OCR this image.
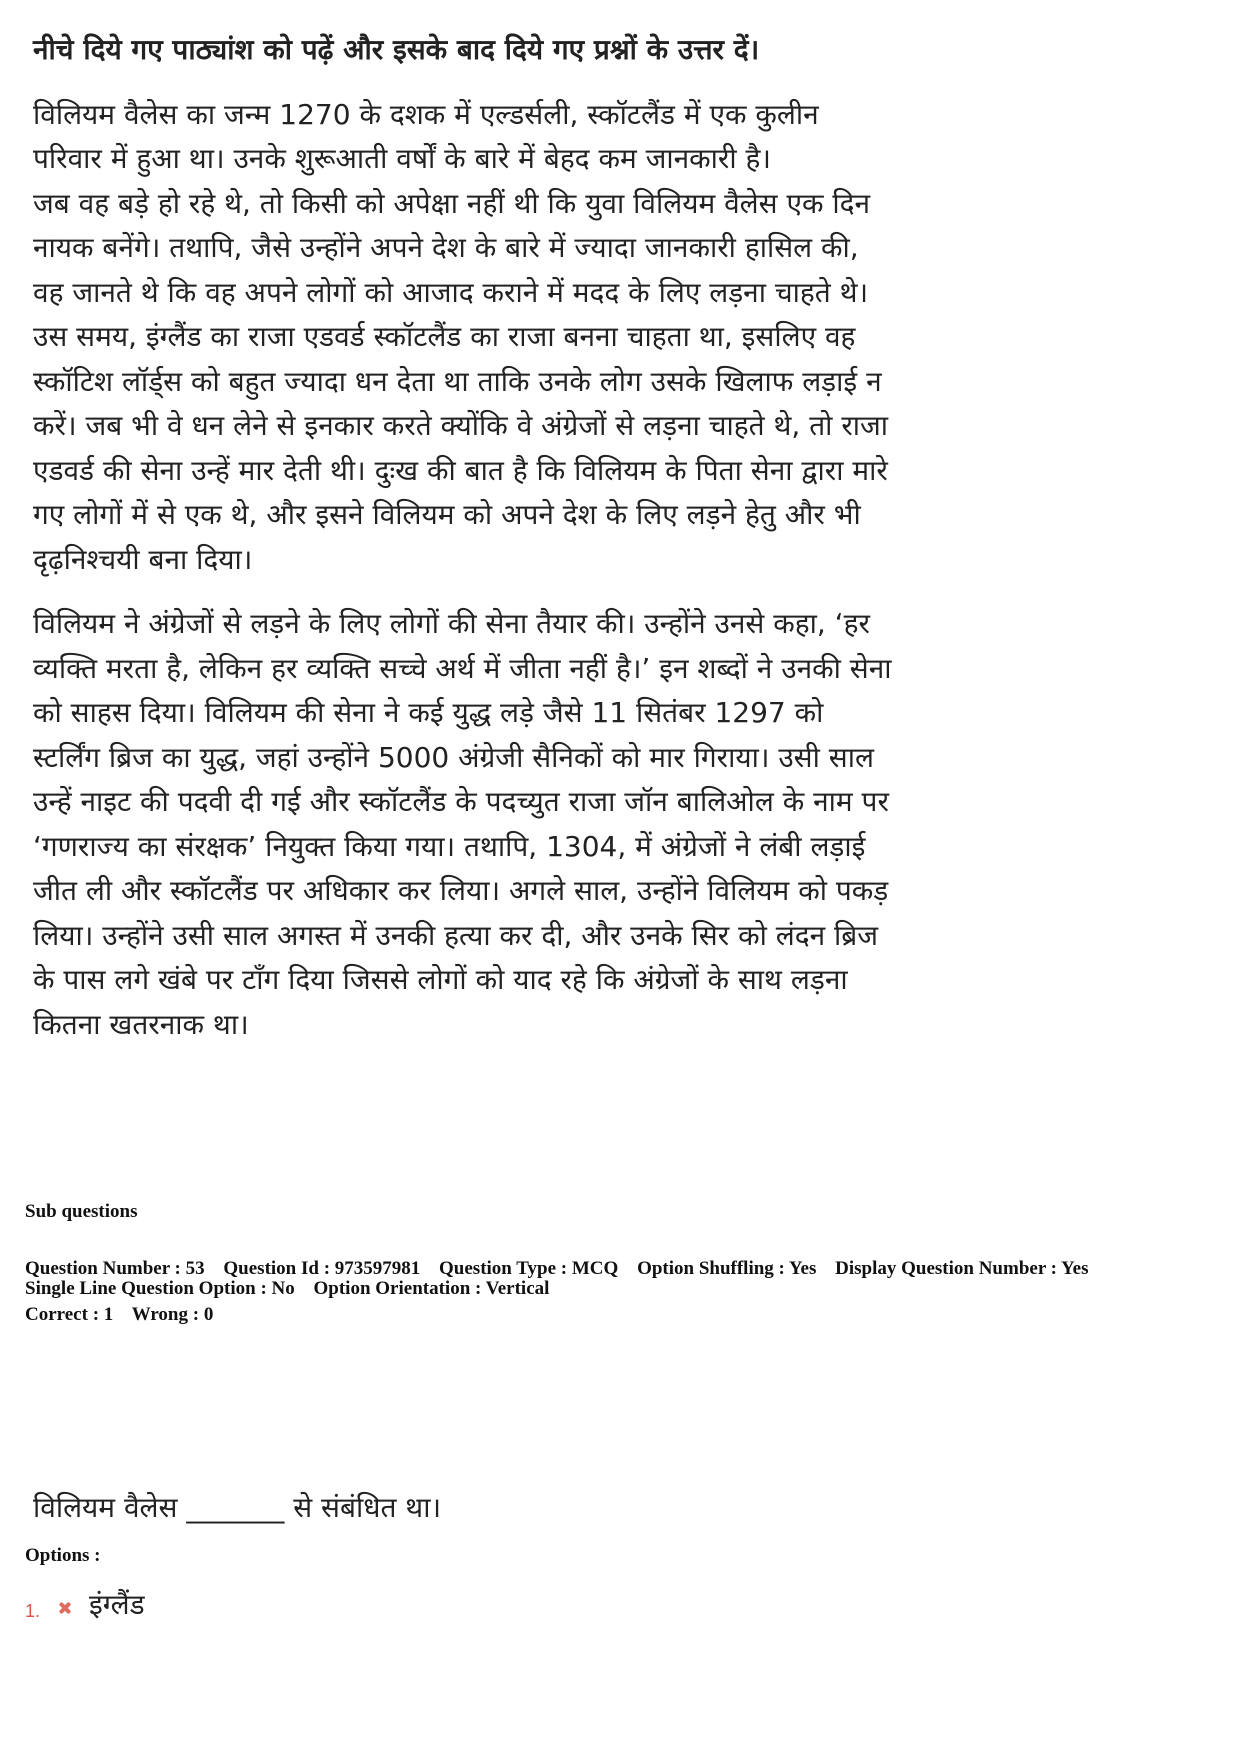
नीचे दिये गए पाठ्यांश को पढ़ें और इसके बाद दिये गए प्रश्नों के उत्तर दें।

विलियम वैलेस का जन्म 1270 के दशक में एल्डर्सली, स्कॉटलैंड में एक कुलीन परिवार में हुआ था। उनके शुरूआती वर्षों के बारे में बेहद कम जानकारी है।

जब वह बड़े हो रहे थे, तो किसी को अपेक्षा नहीं थी कि युवा विलियम वैलेस एक दिन नायक बनेंगे। तथापि, जैसे उन्होंने अपने देश के बारे में ज्यादा जानकारी हासिल की, वह जानते थे कि वह अपने लोगों को आजाद कराने में मदद के लिए लड़ना चाहते थे। उस समय, इंग्लैंड का राजा एडवर्ड स्कॉटलैंड का राजा बनना चाहता था, इसलिए वह स्कॉटिश लॉर्ड्स को बहुत ज्यादा धन देता था ताकि उनके लोग उसके खिलाफ लड़ाई न करें। जब भी वे धन लेने से इनकार करते क्योंकि वे अंग्रेजों से लड़ना चाहते थे, तो राजा एडवर्ड की सेना उन्हें मार देती थी। दुःख की बात है कि विलियम के पिता सेना द्वारा मारे गए लोगों में से एक थे, और इसने विलियम को अपने देश के लिए लड़ने हेतु और भी दृढ़निश्चयी बना दिया।

विलियम ने अंग्रेजों से लड़ने के लिए लोगों की सेना तैयार की। उन्होंने उनसे कहा, ‘हर व्यक्ति मरता है, लेकिन हर व्यक्ति सच्चे अर्थ में जीता नहीं है।’ इन शब्दों ने उनकी सेना को साहस दिया। विलियम की सेना ने कई युद्ध लड़े जैसे 11 सितंबर 1297 को स्टर्लिंग ब्रिज का युद्ध, जहां उन्होंने 5000 अंग्रेजी सैनिकों को मार गिराया। उसी साल उन्हें नाइट की पदवी दी गई और स्कॉटलैंड के पदच्युत राजा जॉन बालिओल के नाम पर ‘गणराज्य का संरक्षक’ नियुक्त किया गया। तथापि, 1304, में अंग्रेजों ने लंबी लड़ाई जीत ली और स्कॉटलैंड पर अधिकार कर लिया। अगले साल, उन्होंने विलियम को पकड़ लिया। उन्होंने उसी साल अगस्त में उनकी हत्या कर दी, और उनके सिर को लंदन ब्रिज के पास लगे खंबे पर टाँग दिया जिससे लोगों को याद रहे कि अंग्रेजों के साथ लड़ना कितना खतरनाक था।

Sub questions
Question Number : 53 Question Id : 973597981 Question Type : MCQ Option Shuffling : Yes Display Question Number : Yes
Single Line Question Option : No Option Orientation : Vertical
Correct : 1 Wrong : 0
विलियम वैलेस _______ से संबंधित था।
Options :
1.	इंग्लैंड
